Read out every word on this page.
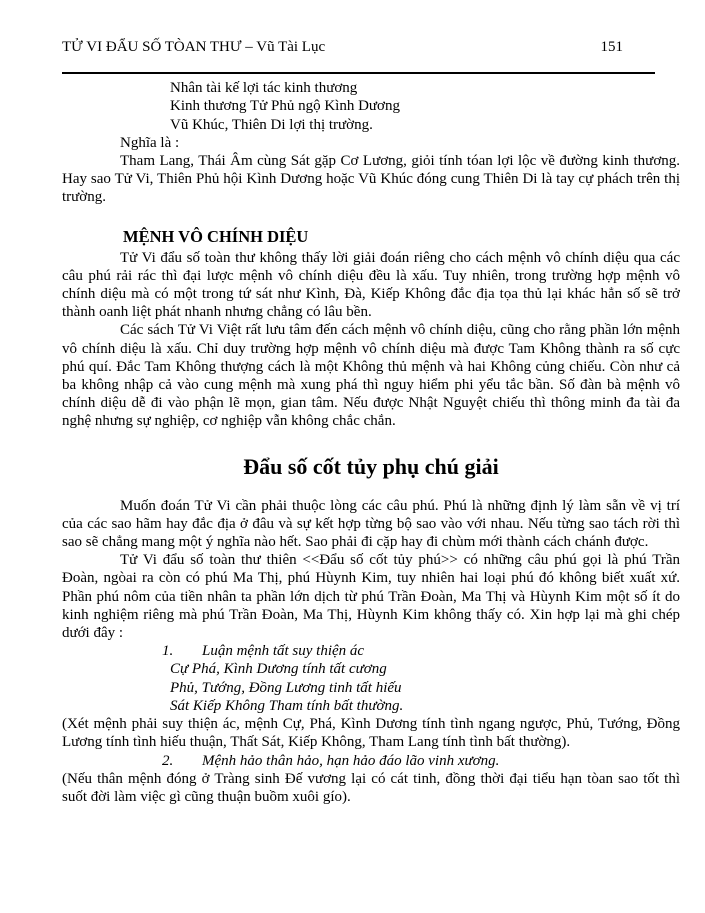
TỬ VI ĐẨU SỐ TÒAN THƯ – Vũ Tài Lục	151
Nhân tài kế lợi tác kinh thương
Kinh thương Tử Phủ ngộ Kình Dương
Vũ Khúc, Thiên Di lợi thị trường.

Nghĩa là :

Tham Lang, Thái Âm cùng Sát gặp Cơ Lương, giỏi tính tóan lợi lộc về đường kinh thương. Hay sao Tử Vi, Thiên Phủ hội Kình Dương hoặc Vũ Khúc đóng cung Thiên Di là tay cự phách trên thị trường.

MỆNH VÔ CHÍNH DIỆU

Tử Vi đẩu số toàn thư không thấy lời giải đoán riêng cho cách mệnh vô chính diệu qua các câu phú rải rác thì đại lược mệnh vô chính diệu đều là xấu. Tuy nhiên, trong trường hợp mệnh vô chính diệu mà có một trong tứ sát như Kình, Đà, Kiếp Không đắc địa tọa thủ lại khác hẳn số sẽ trở thành oanh liệt phát nhanh nhưng chẳng có lâu bền.

Các sách Tử Vi Việt rất lưu tâm đến cách mệnh vô chính diệu, cũng cho rằng phần lớn mệnh vô chính diệu là xấu. Chỉ duy trường hợp mệnh vô chính diệu mà được Tam Không thành ra số cực phú quí. Đắc Tam Không thượng cách là một Không thủ mệnh và hai Không củng chiếu. Còn như cả ba không nhập cả vào cung mệnh mà xung phá thì nguy hiểm phi yểu tắc bần. Số đàn bà mệnh vô chính diệu dễ đi vào phận lẽ mọn, gian tâm. Nếu được Nhật Nguyệt chiếu thì thông minh đa tài đa nghệ nhưng sự nghiệp, cơ nghiệp vẫn không chắc chắn.

Đẩu số cốt tủy phụ chú giải

Muốn đoán Tử Vi cần phải thuộc lòng các câu phú. Phú là những định lý làm sẵn về vị trí của các sao hãm hay đắc địa ở đâu và sự kết hợp từng bộ sao vào với nhau. Nếu từng sao tách rời thì sao sẽ chẳng mang một ý nghĩa nào hết. Sao phải đi cặp hay đi chùm mới thành cách chánh được.

Tử Vi đẩu số toàn thư thiên <<Đẩu số cốt tủy phú>> có những câu phú gọi là phú Trần Đoàn, ngòai ra còn có phú Ma Thị, phú Hùynh Kim, tuy nhiên hai loại phú đó không biết xuất xứ. Phần phú nôm của tiền nhân ta phần lớn dịch từ phú Trần Đoàn, Ma Thị và Hùynh Kim một số ít do kinh nghiệm riêng mà phú Trần Đoàn, Ma Thị, Hùynh Kim không thấy có. Xin hợp lại mà ghi chép dưới đây :

1. Luận mệnh tất suy thiện ác
Cự Phá, Kình Dương tính tất cương
Phủ, Tướng, Đồng Lương tinh tất hiếu
Sát Kiếp Không Tham tính bất thường.

(Xét mệnh phải suy thiện ác, mệnh Cự, Phá, Kình Dương tính tình ngang ngược, Phủ, Tướng, Đồng Lương tính tình hiếu thuận, Thất Sát, Kiếp Không, Tham Lang tính tình bất thường).

2. Mệnh hảo thân hảo, hạn hảo đáo lão vinh xương.

(Nếu thân mệnh đóng ở Tràng sinh Đế vương lại có cát tinh, đồng thời đại tiểu hạn tòan sao tốt thì suốt đời làm việc gì cũng thuận buồm xuôi gío).
